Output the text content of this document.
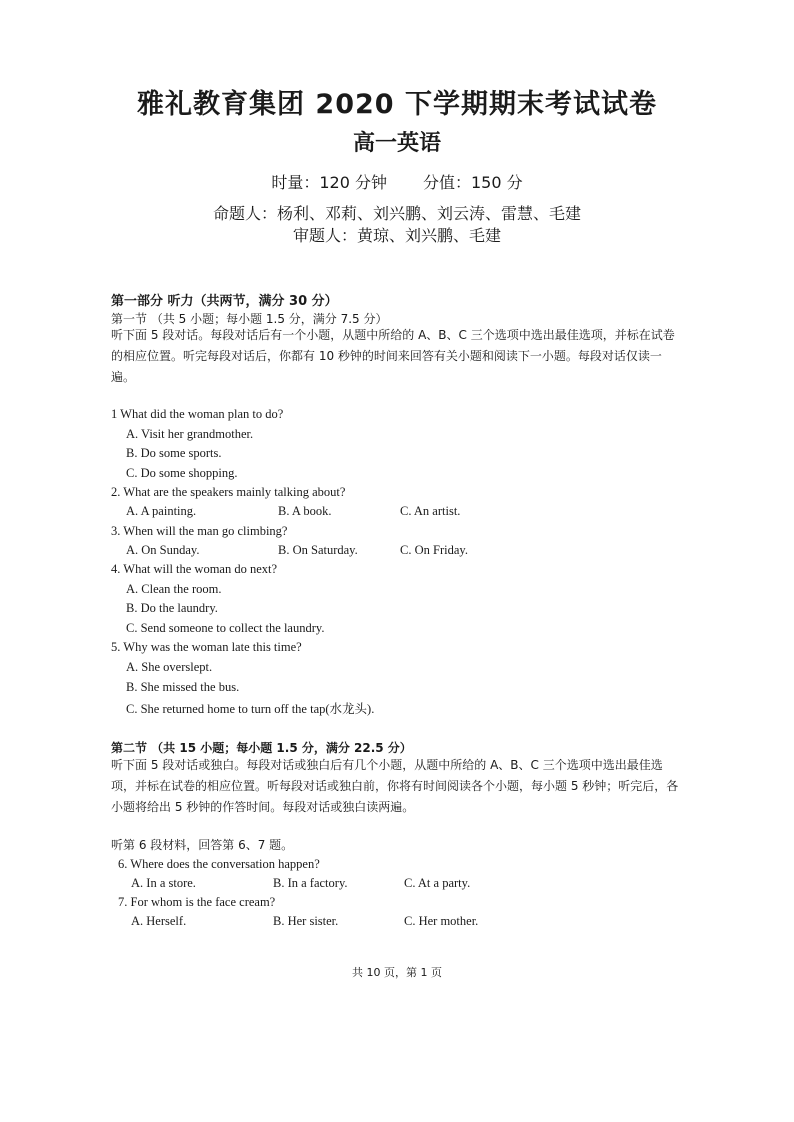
雅礼教育集团 2020 下学期期末考试试卷
高一英语
时量：120 分钟 分值：150 分
命题人：杨利、邓莉、刘兴鹏、刘云涛、雷慧、毛建
审题人：黄琼、刘兴鹏、毛建
第一部分 听力（共两节，满分 30 分）
第一节 （共 5 小题；每小题 1.5 分，满分 7.5 分）
听下面 5 段对话。每段对话后有一个小题，从题中所给的 A、B、C 三个选项中选出最佳选项，并标在试卷的相应位置。听完每段对话后，你都有 10 秒钟的时间来回答有关小题和阅读下一小题。每段对话仅读一遍。
1 What did the woman plan to do?
A. Visit her grandmother.
B. Do some sports.
C. Do some shopping.
2. What are the speakers mainly talking about?
A. A painting.	B. A book.	C. An artist.
3. When will the man go climbing?
A. On Sunday.	B. On Saturday.	C. On Friday.
4. What will the woman do next?
A. Clean the room.
B. Do the laundry.
C. Send someone to collect the laundry.
5. Why was the woman late this time?
A. She overslept.
B. She missed the bus.
C. She returned home to turn off the tap(水龙头).
第二节 （共 15 小题；每小题 1.5 分，满分 22.5 分）
听下面 5 段对话或独白。每段对话或独白后有几个小题，从题中所给的 A、B、C 三个选项中选出最佳选项，并标在试卷的相应位置。听每段对话或独白前，你将有时间阅读各个小题，每小题 5 秒钟；听完后，各小题将给出 5 秒钟的作答时间。每段对话或独白读两遍。
听第 6 段材料，回答第 6、7 题。
6. Where does the conversation happen?
A. In a store.	B. In a factory.	C. At a party.
7. For whom is the face cream?
A. Herself.	B. Her sister.	C. Her mother.
共 10 页，第 1 页
